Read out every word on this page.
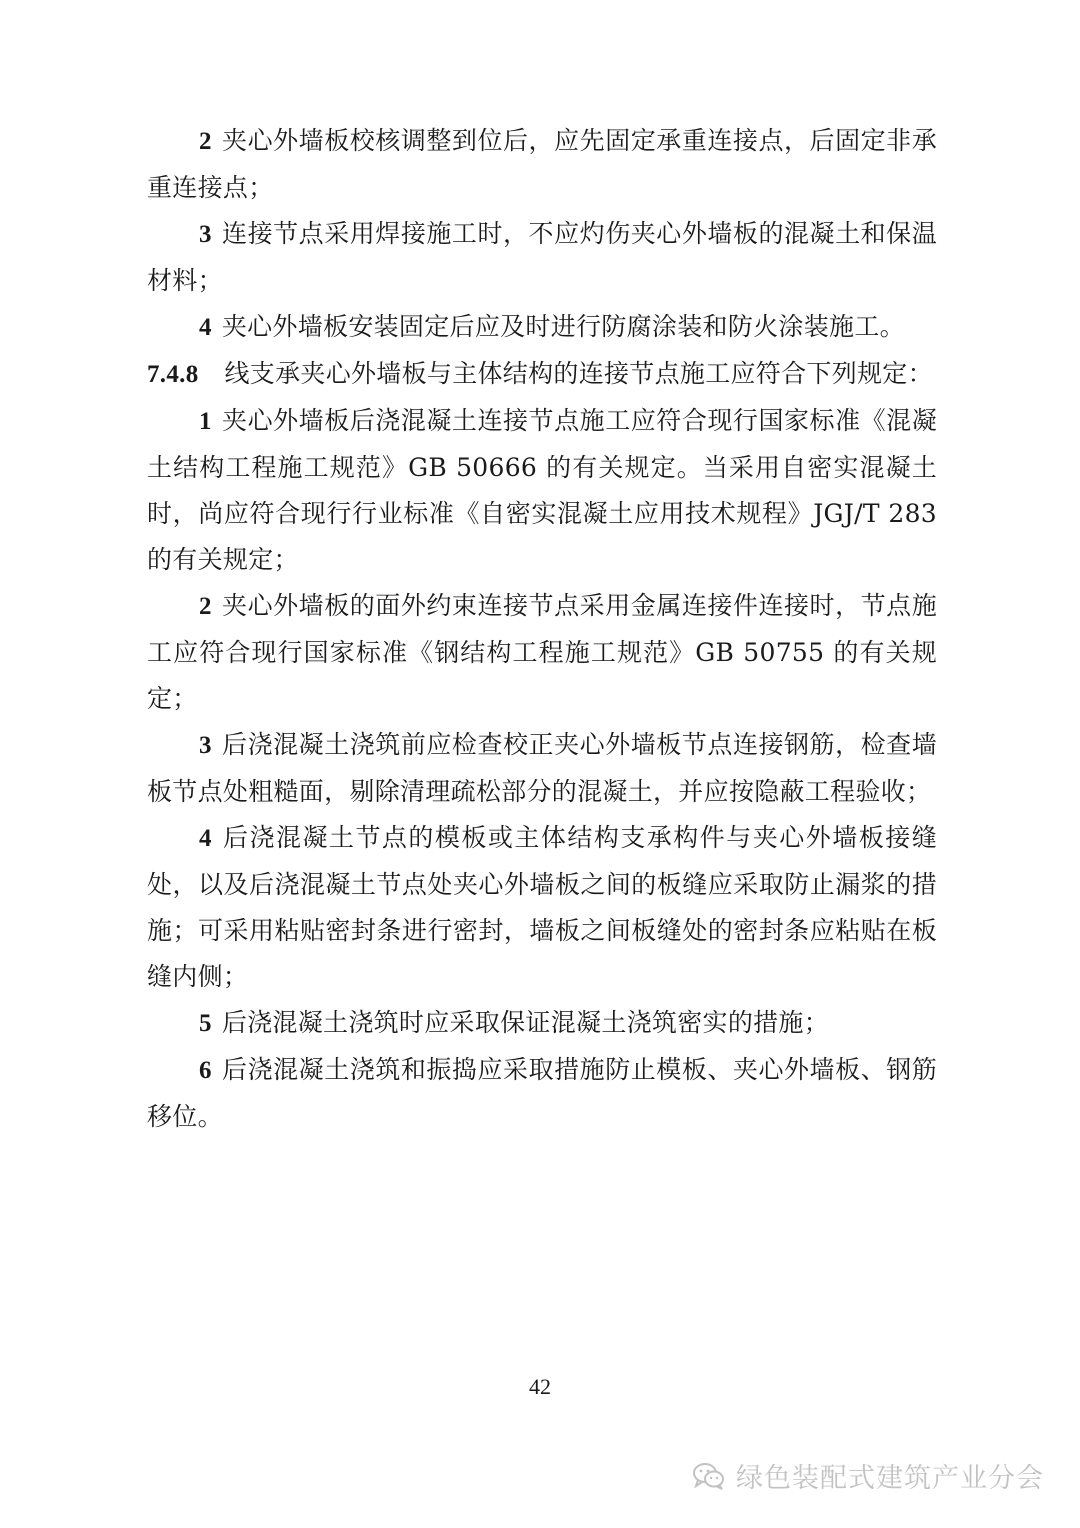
2 夹心外墙板校核调整到位后，应先固定承重连接点，后固定非承重连接点；

3 连接节点采用焊接施工时，不应灼伤夹心外墙板的混凝土和保温材料；

4 夹心外墙板安装固定后应及时进行防腐涂装和防火涂装施工。

7.4.8 线支承夹心外墙板与主体结构的连接节点施工应符合下列规定：

1 夹心外墙板后浇混凝土连接节点施工应符合现行国家标准《混凝土结构工程施工规范》GB 50666 的有关规定。当采用自密实混凝土时，尚应符合现行行业标准《自密实混凝土应用技术规程》JGJ/T 283 的有关规定；

2 夹心外墙板的面外约束连接节点采用金属连接件连接时，节点施工应符合现行国家标准《钢结构工程施工规范》GB 50755 的有关规定；

3 后浇混凝土浇筑前应检查校正夹心外墙板节点连接钢筋，检查墙板节点处粗糙面，剔除清理疏松部分的混凝土，并应按隐蔽工程验收；

4 后浇混凝土节点的模板或主体结构支承构件与夹心外墙板接缝处，以及后浇混凝土节点处夹心外墙板之间的板缝应采取防止漏浆的措施；可采用粘贴密封条进行密封，墙板之间板缝处的密封条应粘贴在板缝内侧；

5 后浇混凝土浇筑时应采取保证混凝土浇筑密实的措施；

6 后浇混凝土浇筑和振捣应采取措施防止模板、夹心外墙板、钢筋移位。

42
绿色装配式建筑产业分会
